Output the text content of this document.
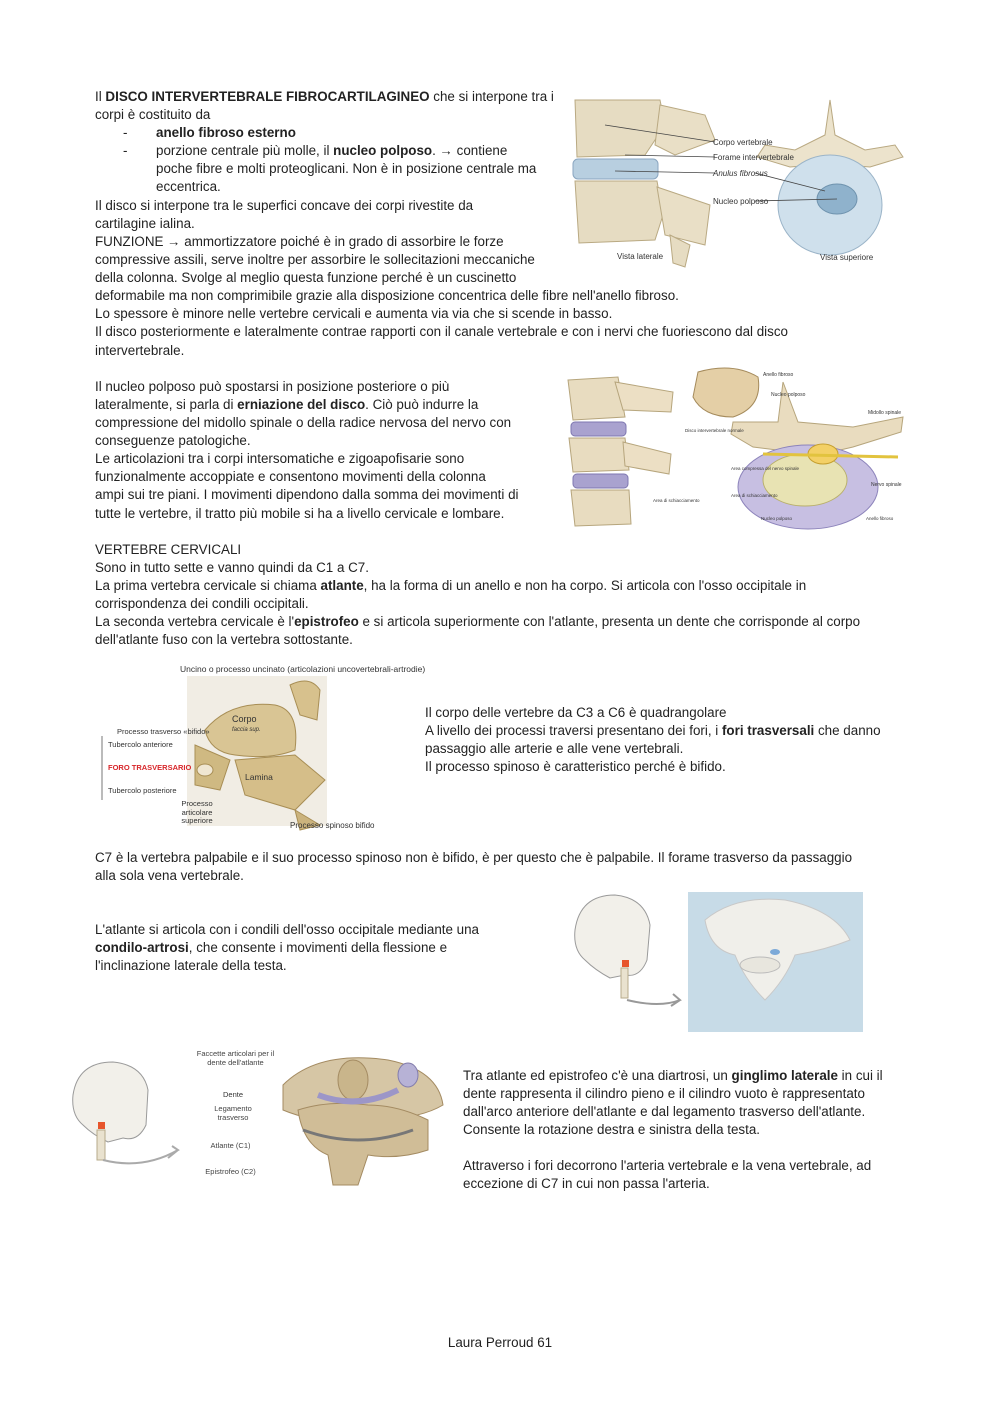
Il DISCO INTERVERTEBRALE FIBROCARTILAGINEO che si interpone tra i
corpi è costituito da
- anello fibroso esterno
- porzione centrale più molle, il nucleo polposo. → contiene
poche fibre e molti proteoglicani. Non è in posizione centrale ma
eccentrica.
Il disco si interpone tra le superfici concave dei corpi rivestite da
cartilagine ialina.
FUNZIONE → ammortizzatore poiché è in grado di assorbire le forze
compressive assili, serve inoltre per assorbire le sollecitazioni meccaniche
della colonna. Svolge al meglio questa funzione perché è un cuscinetto
deformabile ma non comprimibile grazie alla disposizione concentrica delle fibre nell'anello fibroso.
Lo spessore è minore nelle vertebre cervicali e aumenta via via che si scende in basso.
Il disco posteriormente e lateralmente contrae rapporti con il canale vertebrale e con i nervi che fuoriescono dal disco
intervertebrale.
Corpo vertebrale
Forame intervertebrale
Anulus fibrosus
Nucleo polposo
Vista laterale	Vista superiore
Il nucleo polposo può spostarsi in posizione posteriore o più
lateralmente, si parla di erniazione del disco. Ciò può indurre la
compressione del midollo spinale o della radice nervosa del nervo con
conseguenze patologiche.
Le articolazioni tra i corpi intersomatiche e zigoapofisarie sono
funzionalmente accoppiate e consentono movimenti della colonna
ampi sui tre piani. I movimenti dipendono dalla somma dei movimenti di
tutte le vertebre, il tratto più mobile si ha a livello cervicale e lombare.
Anello fibroso
Nucleo polposo
Midollo spinale
Disco intervertebrale normale
Area compressa del nervo spinale
Nervo spinale
Area di schiacciamento
Area di schiacciamento
Nucleo polposo	Anello fibroso
VERTEBRE CERVICALI
Sono in tutto sette e vanno quindi da C1 a C7.
La prima vertebra cervicale si chiama atlante, ha la forma di un anello e non ha corpo. Si articola con l'osso occipitale in
corrispondenza dei condili occipitali.
La seconda vertebra cervicale è l'epistrofeo e si articola superiormente con l'atlante, presenta un dente che corrisponde al corpo
dell'atlante fuso con la vertebra sottostante.
Uncino o processo uncinato (articolazioni uncovertebrali-artrodie)
Processo trasverso «bifido»
Tubercolo anteriore
FORO TRASVERSARIO
Tubercolo posteriore
Corpo
faccia sup.
Lamina
Processo articolare superiore
Processo spinoso bifido
Il corpo delle vertebre da C3 a C6 è quadrangolare
A livello dei processi traversi presentano dei fori, i fori trasversali che danno
passaggio alle arterie e alle vene vertebrali.
Il processo spinoso è caratteristico perché è bifido.
C7 è la vertebra palpabile e il suo processo spinoso non è bifido, è per questo che è palpabile. Il forame trasverso da passaggio
alla sola vena vertebrale.
L'atlante si articola con i condili dell'osso occipitale mediante una
condilo-artrosi, che consente i movimenti della flessione e
l'inclinazione laterale della testa.
Faccette articolari per il dente dell'atlante
Dente
Legamento trasverso
Atlante (C1)
Epistrofeo (C2)
Tra atlante ed epistrofeo c'è una diartrosi, un ginglimo laterale in cui il
dente rappresenta il cilindro pieno e il cilindro vuoto è rappresentato
dall'arco anteriore dell'atlante e dal legamento trasverso dell'atlante.
Consente la rotazione destra e sinistra della testa.
Attraverso i fori decorrono l'arteria vertebrale e la vena vertebrale, ad
eccezione di C7 in cui non passa l'arteria.
Laura Perroud 61
